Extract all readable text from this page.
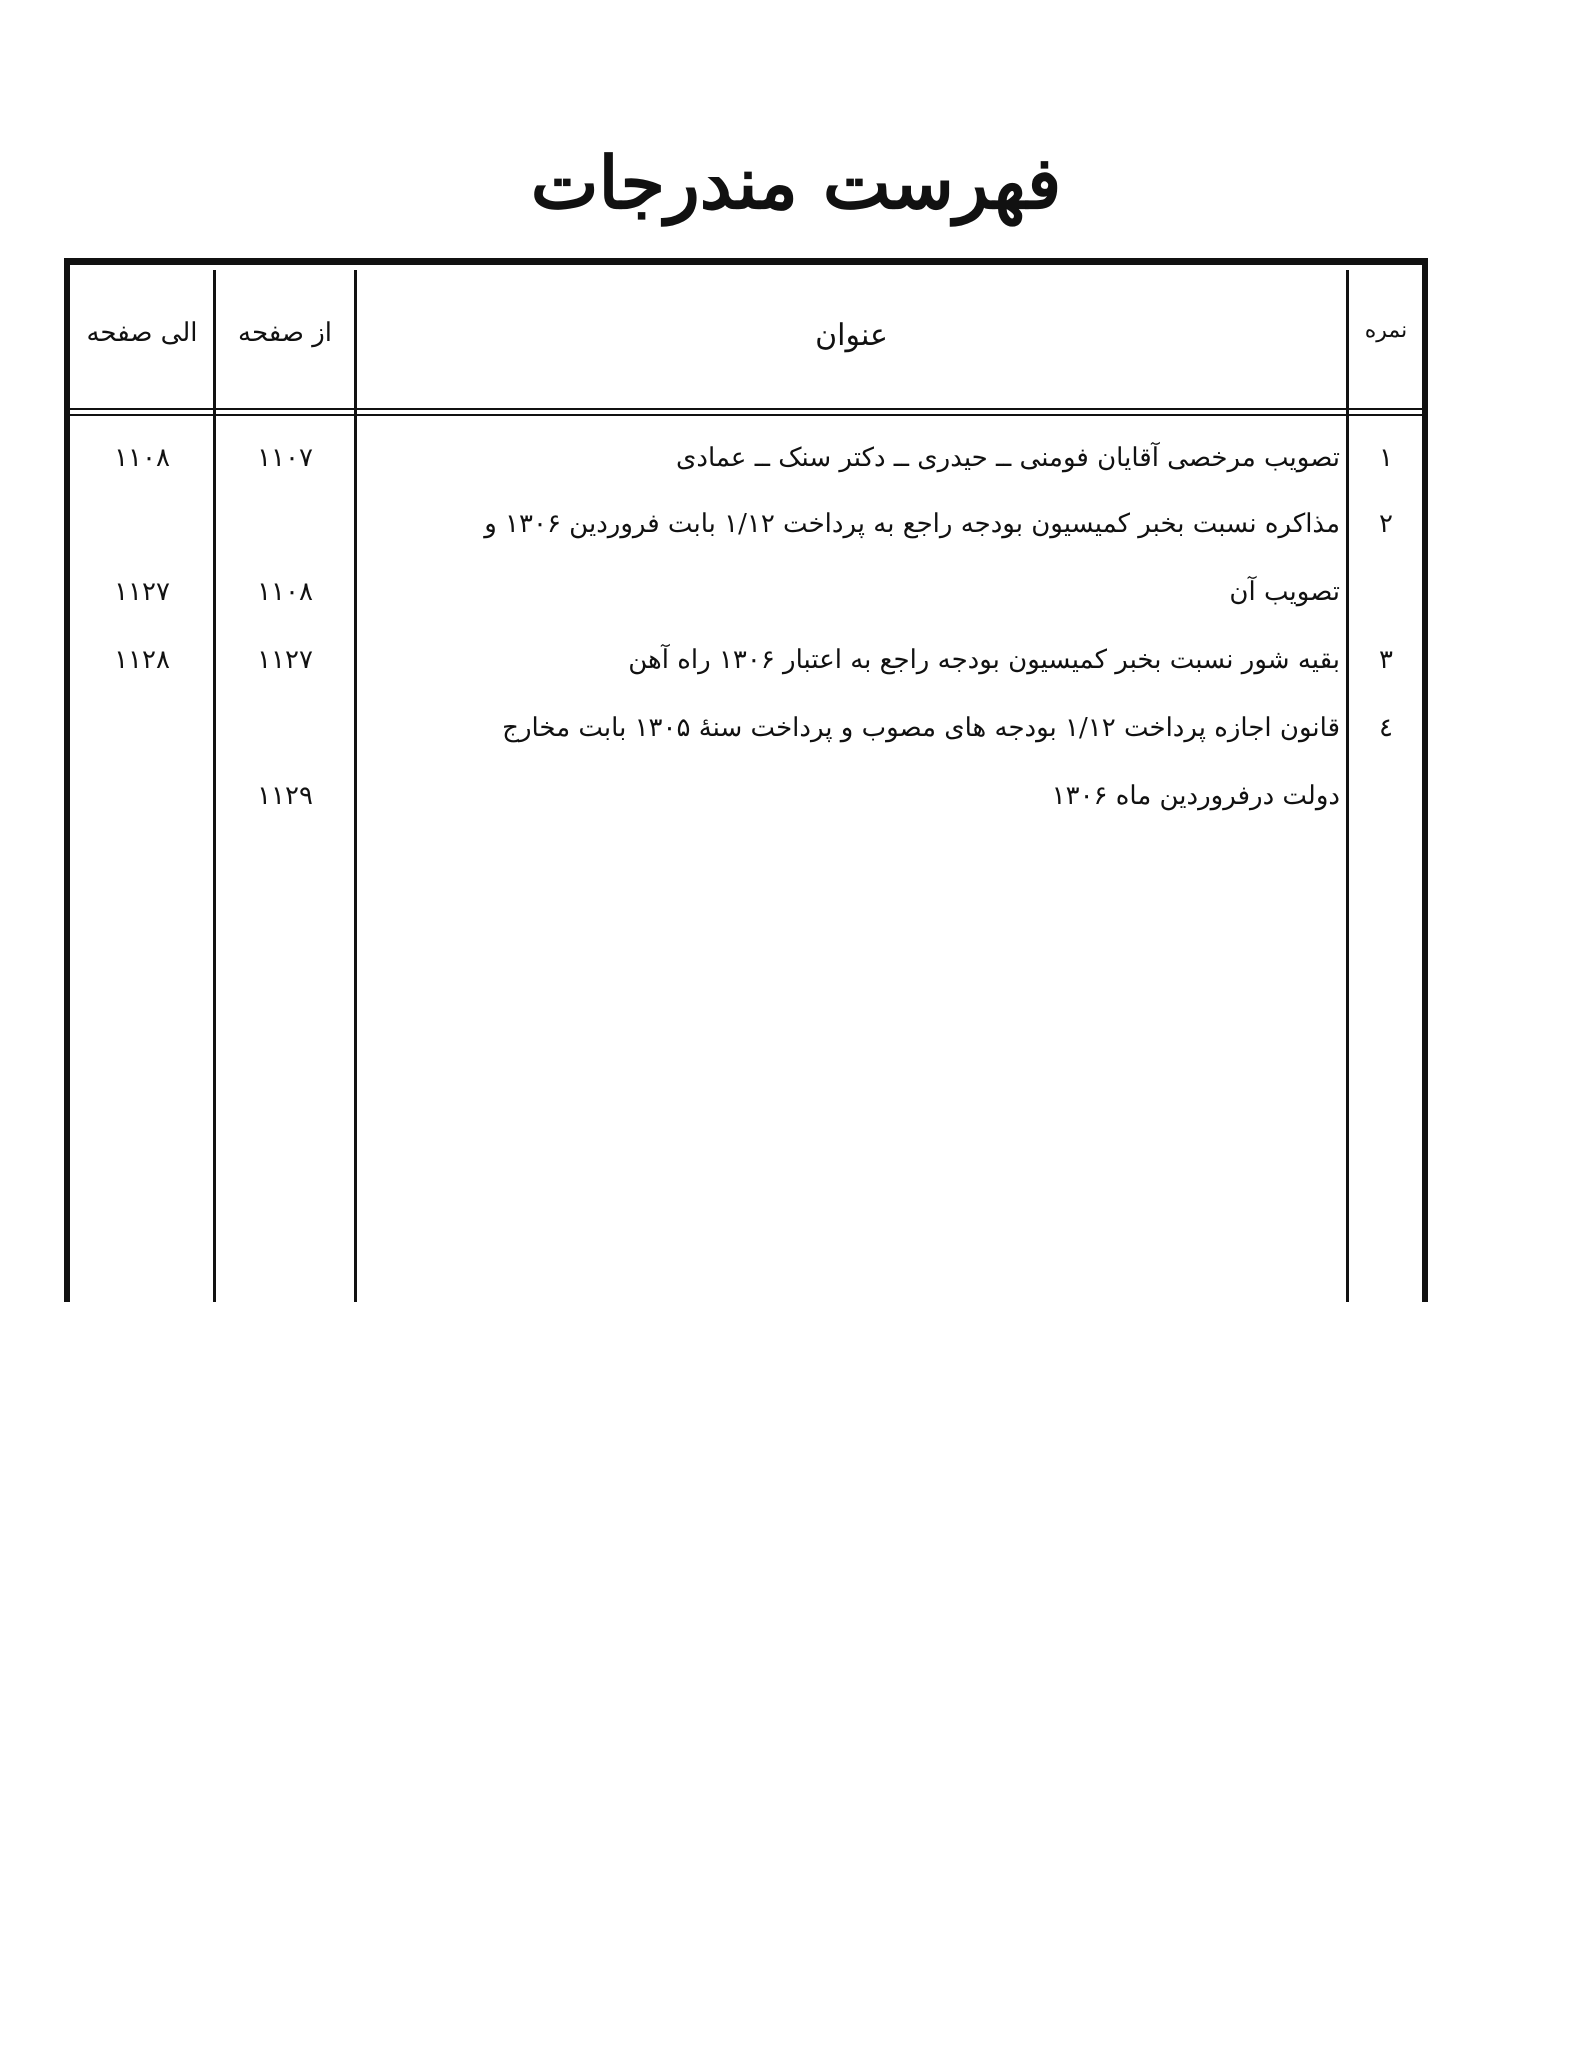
فهرست مندرجات
نمره
عنوان
از صفحه
الی صفحه
۱
تصویب مرخصی آقایان فومنی ــ حیدری ــ دکتر سنک ــ عمادی
۱۱۰۷
۱۱۰۸
۲
مذاکره نسبت بخبر کمیسیون بودجه راجع به پرداخت ۱/۱۲ بابت فروردین ۱۳۰۶ و
تصویب آن
۱۱۰۸
۱۱۲۷
۳
بقیه شور نسبت بخبر کمیسیون بودجه راجع به اعتبار ۱۳۰۶ راه آهن
۱۱۲۷
۱۱۲۸
٤
قانون اجازه پرداخت ۱/۱۲ بودجه های مصوب و پرداخت سنهٔ ۱۳۰۵ بابت مخارج
دولت درفروردین ماه ۱۳۰۶
۱۱۲۹
